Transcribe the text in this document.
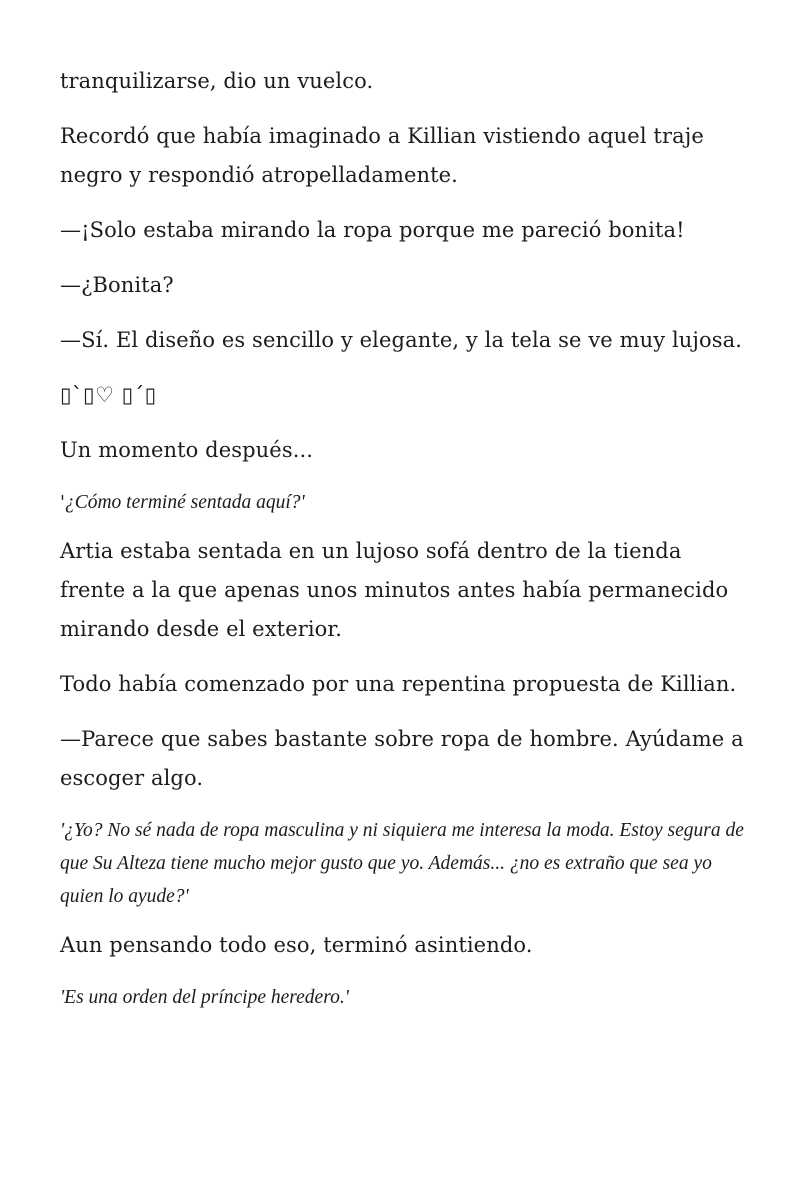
tranquilizarse, dio un vuelco.

Recordó que había imaginado a Killian vistiendo aquel traje negro y respondió atropelladamente.

—¡Solo estaba mirando la ropa porque me pareció bonita!

—¿Bonita?

—Sí. El diseño es sencillo y elegante, y la tela se ve muy lujosa.

▯`▯♡ ▯´▯

Un momento después...

'¿Cómo terminé sentada aquí?'

Artia estaba sentada en un lujoso sofá dentro de la tienda frente a la que apenas unos minutos antes había permanecido mirando desde el exterior.

Todo había comenzado por una repentina propuesta de Killian.

—Parece que sabes bastante sobre ropa de hombre. Ayúdame a escoger algo.

'¿Yo? No sé nada de ropa masculina y ni siquiera me interesa la moda. Estoy segura de que Su Alteza tiene mucho mejor gusto que yo. Además... ¿no es extraño que sea yo quien lo ayude?'

Aun pensando todo eso, terminó asintiendo.

'Es una orden del príncipe heredero.'
